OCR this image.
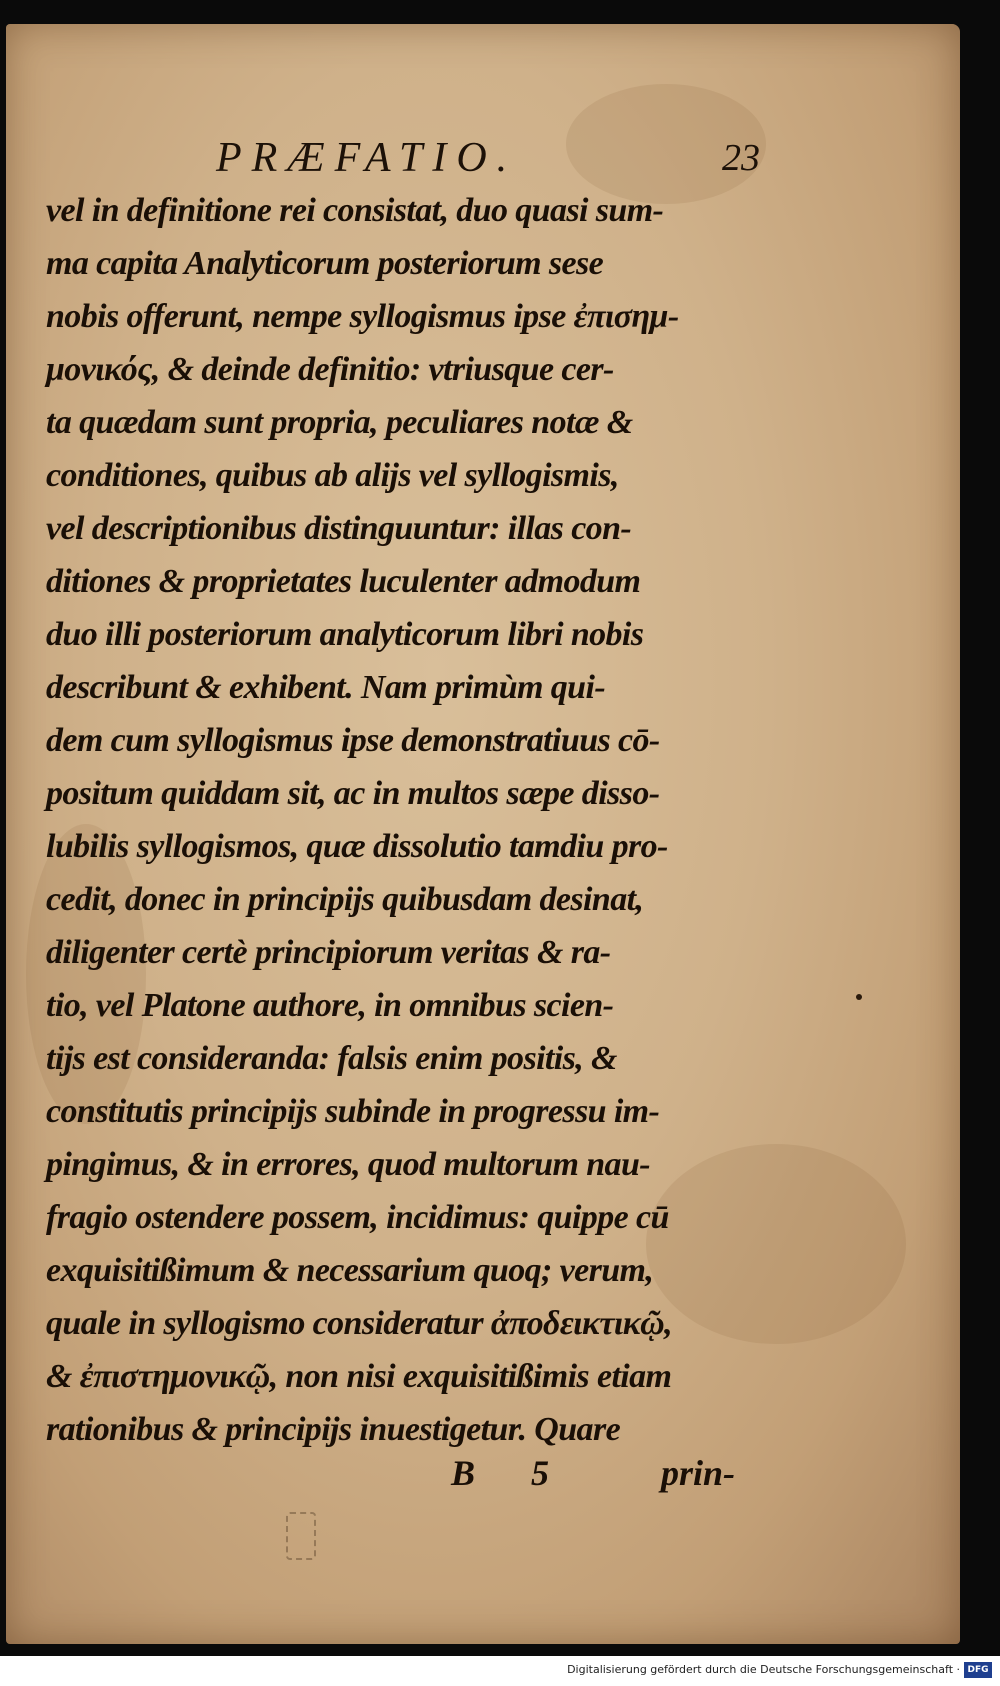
PRÆFATIO.	23
vel in definitione rei consistat, duo quasi sum-
ma capita Analyticorum posteriorum sese
nobis offerunt, nempe syllogismus ipse ἐπισημ-
μονικός, & deinde definitio: vtriusque cer-
ta quædam sunt propria, peculiares notæ &
conditiones, quibus ab alijs vel syllogismis,
vel descriptionibus distinguuntur: illas con-
ditiones & proprietates luculenter admodum
duo illi posteriorum analyticorum libri nobis
describunt & exhibent. Nam primùm qui-
dem cum syllogismus ipse demonstratiuus cō-
positum quiddam sit, ac in multos sæpe disso-
lubilis syllogismos, quæ dissolutio tamdiu pro-
cedit, donec in principijs quibusdam desinat,
diligenter certè principiorum veritas & ra-
tio, vel Platone authore, in omnibus scien-
tijs est consideranda: falsis enim positis, &
constitutis principijs subinde in progressu im-
pingimus, & in errores, quod multorum nau-
fragio ostendere possem, incidimus: quippe cū
exquisitißimum & necessarium quoq; verum,
quale in syllogismo consideratur ἀποδεικτικῷ,
& ἐπιστημονικῷ, non nisi exquisitißimis etiam
rationibus & principijs inuestigetur. Quare
B 5	prin-
Digitalisierung gefördert durch die Deutsche Forschungsgemeinschaft · DFG
